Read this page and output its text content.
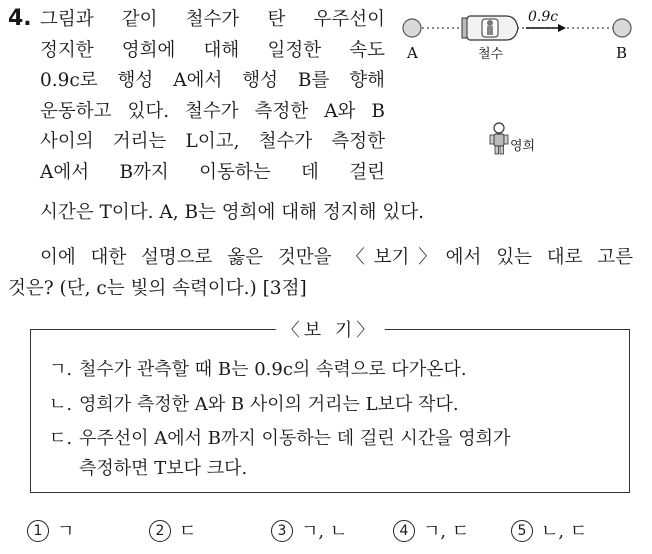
4. 그림과 같이 철수가 탄 우주선이
정지한 영희에 대해 일정한 속도
0.9c로 행성 A에서 행성 B를 향해
운동하고 있다. 철수가 측정한 A와 B
사이의 거리는 L이고, 철수가 측정한
A에서 B까지 이동하는 데 걸린
시간은 T이다. A, B는 영희에 대해 정지해 있다.
0.9c
A	B
철수
영희
이에 대한 설명으로 옳은 것만을 〈보기〉에서 있는 대로 고른
것은? (단, c는 빛의 속력이다.) [3점]
〈보 기〉
ㄱ. 철수가 관측할 때 B는 0.9c의 속력으로 다가온다.
ㄴ. 영희가 측정한 A와 B 사이의 거리는 L보다 작다.
ㄷ. 우주선이 A에서 B까지 이동하는 데 걸린 시간을 영희가
측정하면 T보다 크다.
1 ㄱ	2 ㄷ	3 ㄱ, ㄴ	4 ㄱ, ㄷ	5 ㄴ, ㄷ
